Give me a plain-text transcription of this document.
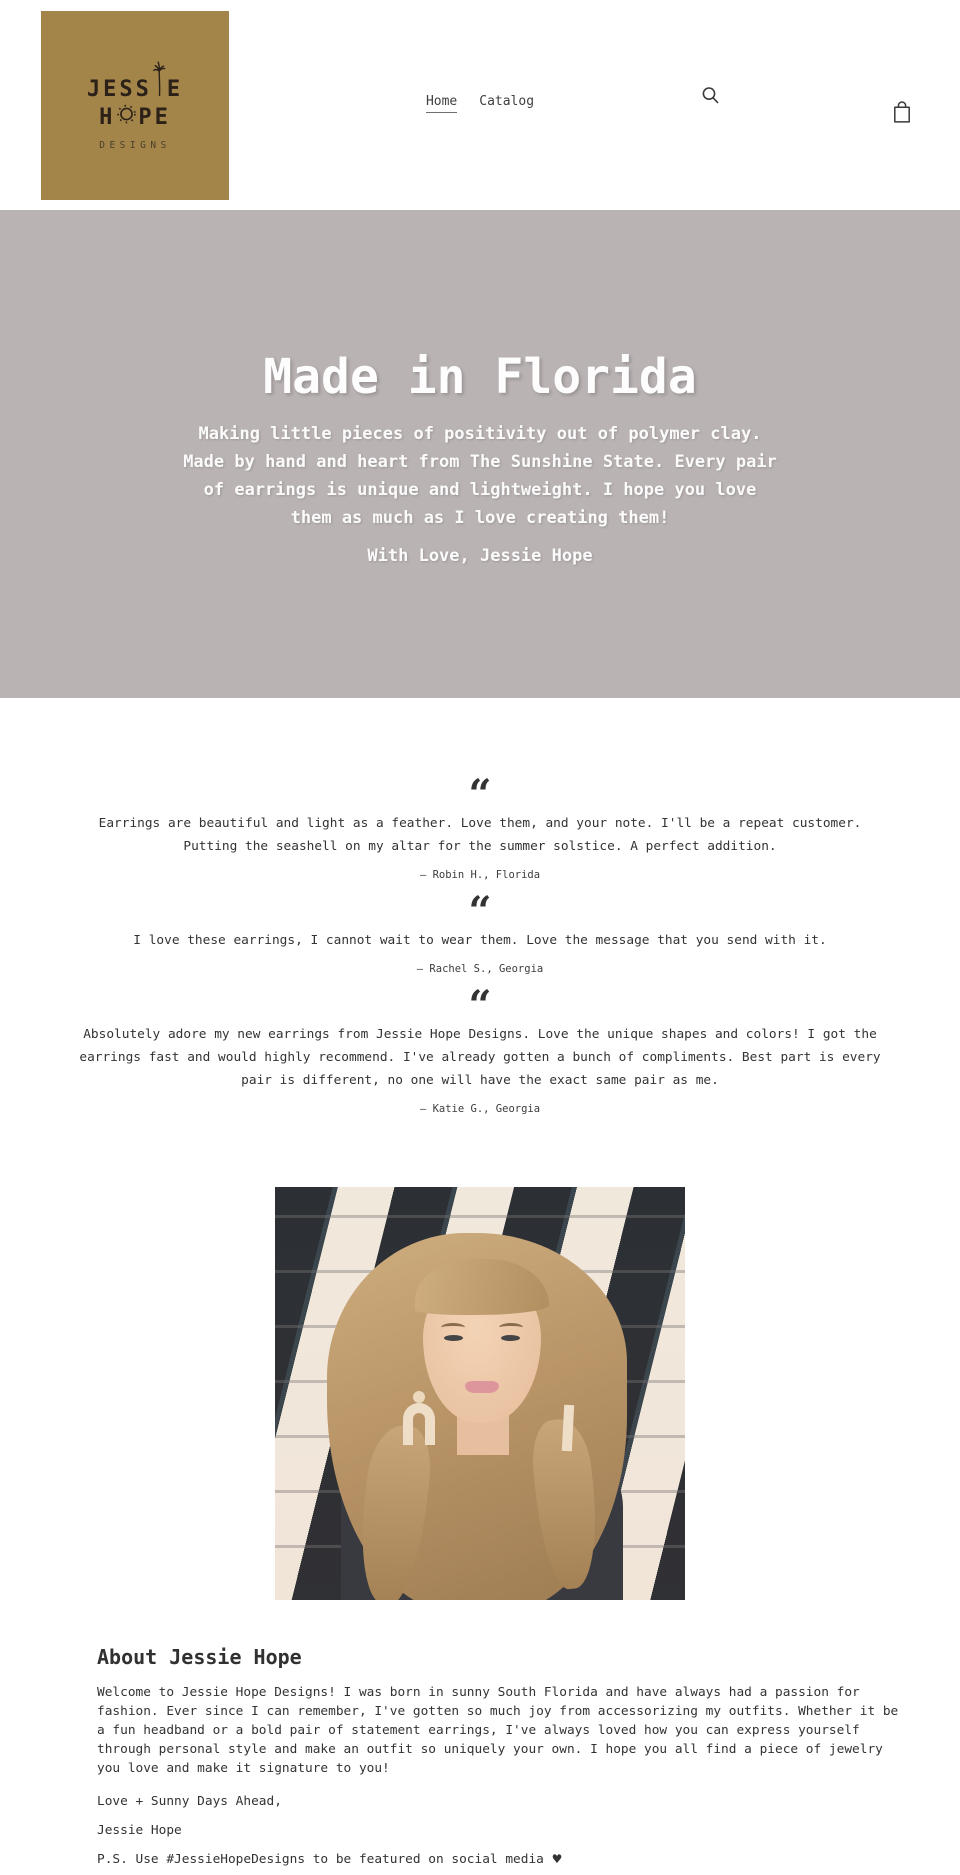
JESS E
H PE
DESIGNS
Home Catalog
Made in Florida
Making little pieces of positivity out of polymer clay. Made by hand and heart from The Sunshine State. Every pair of earrings is unique and lightweight. I hope you love them as much as I love creating them!
With Love, Jessie Hope
“
Earrings are beautiful and light as a feather. Love them, and your note. I'll be a repeat customer. Putting the seashell on my altar for the summer solstice. A perfect addition.
– Robin H., Florida
“
I love these earrings, I cannot wait to wear them. Love the message that you send with it.
– Rachel S., Georgia
“
Absolutely adore my new earrings from Jessie Hope Designs. Love the unique shapes and colors! I got the earrings fast and would highly recommend. I've already gotten a bunch of compliments. Best part is every pair is different, no one will have the exact same pair as me.
– Katie G., Georgia
About Jessie Hope
Welcome to Jessie Hope Designs! I was born in sunny South Florida and have always had a passion for fashion. Ever since I can remember, I've gotten so much joy from accessorizing my outfits. Whether it be a fun headband or a bold pair of statement earrings, I've always loved how you can express yourself through personal style and make an outfit so uniquely your own. I hope you all find a piece of jewelry you love and make it signature to you!
Love + Sunny Days Ahead,
Jessie Hope
P.S. Use #JessieHopeDesigns to be featured on social media ♥
